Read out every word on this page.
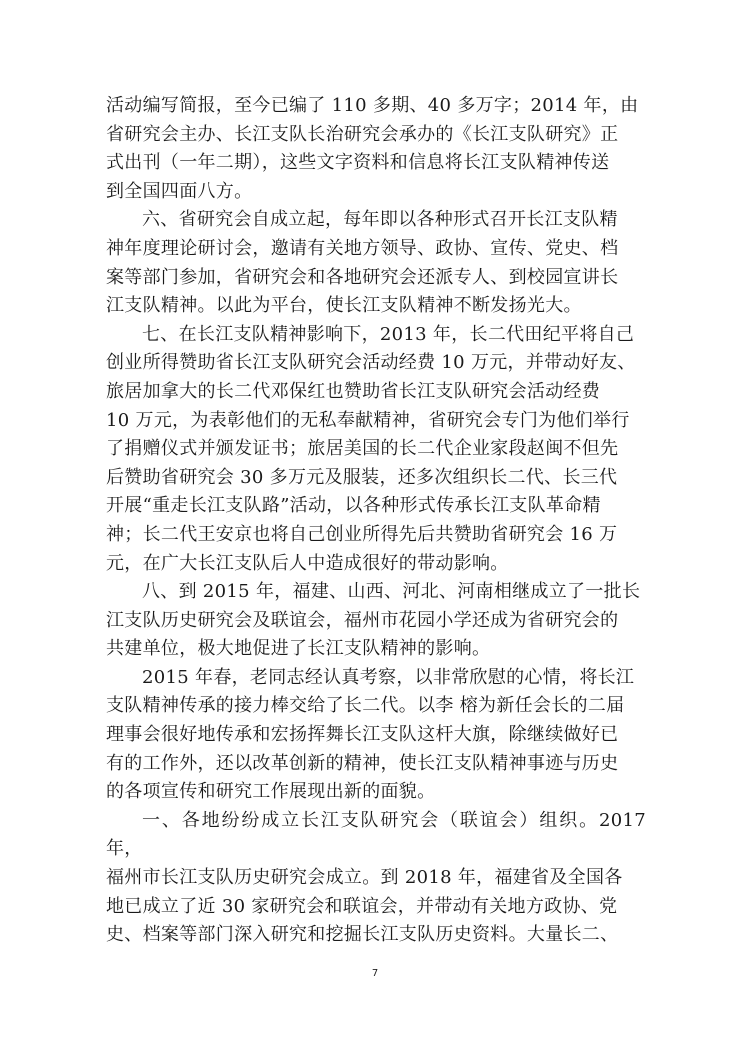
活动编写简报，至今已编了 110 多期、40 多万字；2014 年，由
省研究会主办、长江支队长治研究会承办的《长江支队研究》正
式出刊（一年二期），这些文字资料和信息将长江支队精神传送
到全国四面八方。

六、省研究会自成立起，每年即以各种形式召开长江支队精
神年度理论研讨会，邀请有关地方领导、政协、宣传、党史、档
案等部门参加，省研究会和各地研究会还派专人、到校园宣讲长
江支队精神。以此为平台，使长江支队精神不断发扬光大。

七、在长江支队精神影响下，2013 年，长二代田纪平将自己
创业所得赞助省长江支队研究会活动经费 10 万元，并带动好友、
旅居加拿大的长二代邓保红也赞助省长江支队研究会活动经费
10 万元，为表彰他们的无私奉献精神，省研究会专门为他们举行
了捐赠仪式并颁发证书；旅居美国的长二代企业家段赵闽不但先
后赞助省研究会 30 多万元及服装，还多次组织长二代、长三代
开展“重走长江支队路”活动，以各种形式传承长江支队革命精
神；长二代王安京也将自己创业所得先后共赞助省研究会 16 万
元，在广大长江支队后人中造成很好的带动影响。

八、到 2015 年，福建、山西、河北、河南相继成立了一批长
江支队历史研究会及联谊会，福州市花园小学还成为省研究会的
共建单位，极大地促进了长江支队精神的影响。

2015 年春，老同志经认真考察，以非常欣慰的心情，将长江
支队精神传承的接力棒交给了长二代。以李 榕为新任会长的二届
理事会很好地传承和宏扬挥舞长江支队这杆大旗，除继续做好已
有的工作外，还以改革创新的精神，使长江支队精神事迹与历史
的各项宣传和研究工作展现出新的面貌。

一、各地纷纷成立长江支队研究会（联谊会）组织。2017 年，
福州市长江支队历史研究会成立。到 2018 年，福建省及全国各
地已成立了近 30 家研究会和联谊会，并带动有关地方政协、党
史、档案等部门深入研究和挖掘长江支队历史资料。大量长二、

7
